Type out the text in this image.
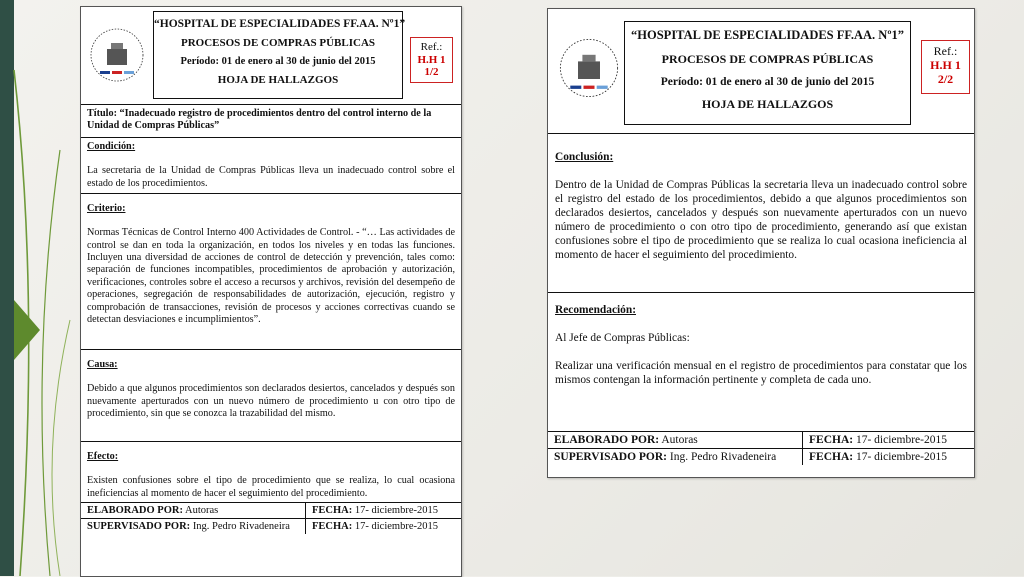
“HOSPITAL DE ESPECIALIDADES FF.AA. Nº1”
PROCESOS DE COMPRAS PÚBLICAS
Período: 01 de enero al 30 de junio del 2015
HOJA DE HALLAZGOS
Ref.:
H.H 1
1/2
Título: “Inadecuado registro de procedimientos dentro del control interno de la Unidad de Compras Públicas”
Condición:
La secretaria de la Unidad de Compras Públicas lleva un inadecuado control sobre el estado de los procedimientos.
Criterio:
Normas Técnicas de Control Interno 400 Actividades de Control. - “… Las actividades de control se dan en toda la organización, en todos los niveles y en todas las funciones. Incluyen una diversidad de acciones de control de detección y prevención, tales como: separación de funciones incompatibles, procedimientos de aprobación y autorización, verificaciones, controles sobre el acceso a recursos y archivos, revisión del desempeño de operaciones, segregación de responsabilidades de autorización, ejecución, registro y comprobación de transacciones, revisión de procesos y acciones correctivas cuando se detectan desviaciones e incumplimientos”.
Causa:
Debido a que algunos procedimientos son declarados desiertos, cancelados y después son nuevamente aperturados con un nuevo número de procedimiento u con otro tipo de procedimiento, sin que se conozca la trazabilidad del mismo.
Efecto:
Existen confusiones sobre el tipo de procedimiento que se realiza, lo cual ocasiona ineficiencias al momento de hacer el seguimiento del procedimiento.
ELABORADO POR: Autoras	FECHA: 17- diciembre-2015
SUPERVISADO POR: Ing. Pedro Rivadeneira	FECHA: 17- diciembre-2015
“HOSPITAL DE ESPECIALIDADES FF.AA. Nº1”
PROCESOS DE COMPRAS PÚBLICAS
Período: 01 de enero al 30 de junio del 2015
HOJA DE HALLAZGOS
Ref.:
H.H 1
2/2
Conclusión:
Dentro de la Unidad de Compras Públicas la secretaria lleva un inadecuado control sobre el registro del estado de los procedimientos, debido a que algunos procedimientos son declarados desiertos, cancelados y después son nuevamente aperturados con un nuevo número de procedimiento o con otro tipo de procedimiento, generando así que existan confusiones sobre el tipo de procedimiento que se realiza lo cual ocasiona ineficiencia al momento de hacer el seguimiento del procedimiento.
Recomendación:
Al Jefe de Compras Públicas:
Realizar una verificación mensual en el registro de procedimientos para constatar que los mismos contengan la información pertinente y completa de cada uno.
ELABORADO POR: Autoras	FECHA: 17- diciembre-2015
SUPERVISADO POR: Ing. Pedro Rivadeneira	FECHA: 17- diciembre-2015
